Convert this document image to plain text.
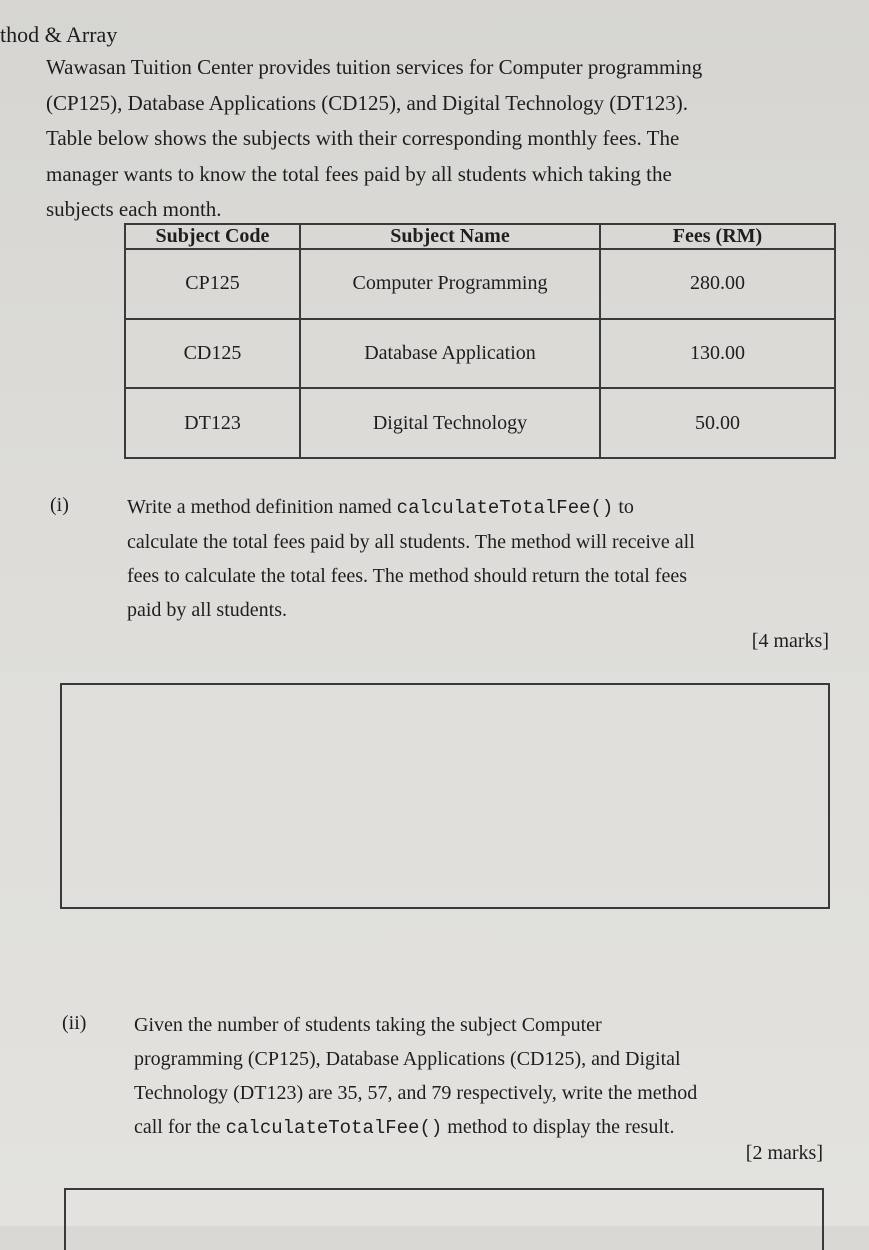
thod & Array
Wawasan Tuition Center provides tuition services for Computer programming
(CP125), Database Applications (CD125), and Digital Technology (DT123).
Table below shows the subjects with their corresponding monthly fees. The
manager wants to know the total fees paid by all students which taking the
subjects each month.
Subject Code	Subject Name	Fees (RM)
CP125	Computer Programming	280.00
CD125	Database Application	130.00
DT123	Digital Technology	50.00
(i)	Write a method definition named calculateTotalFee() to
calculate the total fees paid by all students. The method will receive all
fees to calculate the total fees. The method should return the total fees
paid by all students.
[4 marks]
(ii) Given the number of students taking the subject Computer
programming (CP125), Database Applications (CD125), and Digital
Technology (DT123) are 35, 57, and 79 respectively, write the method
call for the calculateTotalFee() method to display the result.
[2 marks]
